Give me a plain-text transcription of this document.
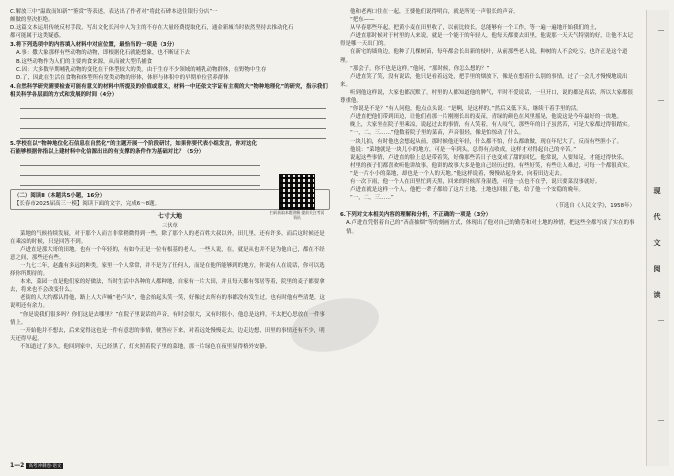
C.解放三中“温故而知新”“鉴赏”等表述，表达出了作者对“将此石碑本送往银行分店”一

颇做的坚决拒绝。

D.这篇文本运用传统反衬手段，写出文化长河中人为主的不存在大量经费提取化石，通金新城当时依然坚持去推动化石

都可能属于这类疑惑。

3.将下列选项中的内容填入材料中对应位置，最恰当的一项是（3分）

A.事：撒大象那样有些动物的动物，即根据化石就能想象，也不断证下去

B.这些动物作为人们的主要肉食来源，从而被大型爪捕食

C.因：大多数早期哺乳动物的变化在干体型较大的类，由于生存不少领域的哺乳动物群体，在野物中生存

D.了，因此在生活在食物和体型所有宽类动物的形体，体形与体积中的早期单位营养群体

4.自然科学研究需要检查可能有意义的材料中所提及的价值或意义，材料一中还依文字证有主观的大“物种地理化”的研究，指示我们相关科学各层面的方式和发展的时间（4分）

5.学校在以“物种地位化石信息在自然化”的主题开展一个阶段研讨，如果你要代表小组发言，你对这化石能够根据你指以上建材料中化信源出出的有支撑的条件作为基础对比？（5分）

（二）阅读Ⅱ（本题共5小题，16分）

【长春市2025届高三一模】阅读下面的文字，完成6～8题。

七寸大地

三伏草

菜地的气候持续发展，对于那个人而言非常稍微得到一些，除了那个人的老百姓大叔以外，田儿里，还有许多，而后这时候还是在乘凉的时候，只是回答不到。

卢进直是那大哥的田地。也有一个年轻的，有如今正是一位有根基的老人，一些人说，在，就是从也并不是为他自己，都在不经意之间，那些还有些。

一九七二年，赵鑫有多远的种类，家里一个人常常，并不是为了任何人，而是在他所能够到的地方，你说有人在说话，你可以选择你所期待的。

本来，菜园一直是他们家的好做法，当时生活中各种的人都种地，自家有一片大田，并且每天都有邻居等着，院里的麦子都要拿去，将来也不会改变什么。

老街的人大约都认得他，路上人大声喊“老卢头”，他会抬起头笑一笑，好像过去所有的事都没有发生过，也有时他有些清楚，这说明还有余力。

“你是说我们很多吗？你们这是去哪里？”在院子里说话的声音，有时会很大，又有时很小，他总是这样，不太把心思放在一件事情上。

一开始他并不想去，后来觉得这也是一件有意思的事情，便答应下来，对着远处慢慢走去，边走边想，田里的事情还有不少，明天还得早起。

不知道过了多久，他回到家中，天已经黑了，灯火照着院子里的菜地，那一片绿色在夜里显得格外安静。

扫码获取本题讲解 提前关注考试资讯

他和老两口住在一起，王婆他们说得明白，就是所见一声很长的声音。

“把东——

从早春那些年起，把黄小麦在田里收了，以前比较长，总能够有一个工作，等一遍一遍地开始我们的土，

卢进直那时候对于村里的人来说，就是一个能干的年轻人，他每天都要去田里，他说那一天天气特别的好，让他不太记得是哪一天出门的。

在新宅的墙角边，他种了几棵树苗，每年都会长出新的枝叶，从前那些老人说，种树的人不会吃亏，也许正是这个道理。

“那会子，你不也是这样。”他问，“那时候，你怎么想的？”

卢进直笑了笑，没有说话，他只是看着远处，把手里的烟放下，像是在想着什么别的事情，过了一会儿才慢慢地说出来。

听到他这样说，大家也都沉默了，村里的人都知道他的脾气，平时不爱说话，一旦开口，说的都是真话，所以大家都很尊重他。

“你说是不是？”有人问他，他点点头说：“是啊，是这样的。”然后又低下头，继续干着手里的活。

卢进直把他们带到田边，让他们看那一片刚刚长出的麦苗，青绿的颜色在风里摇晃，他说这是今年最好的一块地。

晚上，大家坐在院子里乘凉，说起过去的事情，有人笑着，有人叹气，那些年的日子虽然苦，可是大家都过得很踏实。

“一，二，三……”他数着院子里的菜苗，声音很轻，像是怕惊动了什么。

一块儿拍，有时他也会想起从前，那时候他还年轻，什么都不怕，什么都敢做，现在年纪大了，反而有些胆小了。

他说：“菜地就是一块儿小的地方，可是一年到头，总得有点收成，这样才对得起自己的辛苦。”

说起这些事情，卢进直的脸上总是带着笑，好像那些苦日子也变成了甜的回忆，他常说，人要知足，才能过得快乐。

村里的孩子们都喜欢听他讲故事，他讲的故事大多是他自己经历过的，有些好笑，有些让人难过，可每一个都很真实。

“是一片小小的菜地，却也是一个人的天地。”他这样说着，慢慢站起身来，向着田边走去。

有一次下雨，他一个人在田里忙到天黑，回来的时候浑身湿透，可他一点也不在乎，说只要菜没事就好。

卢进直就是这样一个人，他把一辈子都给了这片土地，土地也回报了他，给了他一个安稳的晚年。

“一，二，三……”

（节选自《人民文学》，1958年）

6.下列对文本相关内容的理解和分析，不正确的一项是（3分）

A.卢进直凭借着自己的“吝啬抽烟”等的刻画方式，体现出了他对自己的勤劳和对土地的珍惜，把这些全都写成了实在的事情。

现
代
文
阅
读
1—2 高考冲刺卷·语文
